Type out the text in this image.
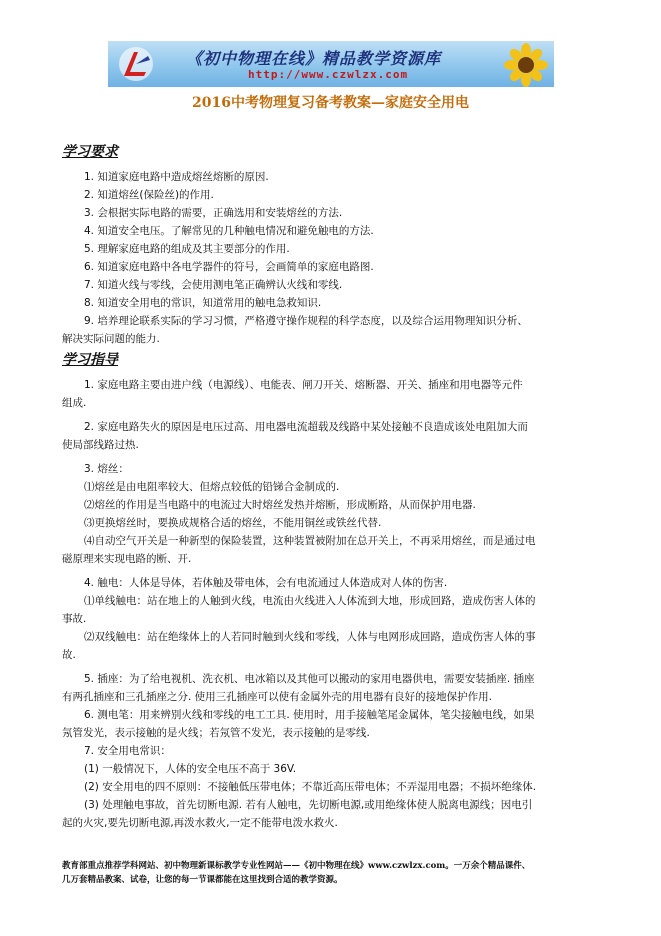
《初中物理在线》精品教学资源库
http://www.czwlzx.com
2016中考物理复习备考教案—家庭安全用电
学习要求
1. 知道家庭电路中造成熔丝熔断的原因.
2. 知道熔丝(保险丝)的作用.
3. 会根据实际电路的需要，正确选用和安装熔丝的方法.
4. 知道安全电压。了解常见的几种触电情况和避免触电的方法.
5. 理解家庭电路的组成及其主要部分的作用.
6. 知道家庭电路中各电学器件的符号，会画简单的家庭电路图.
7. 知道火线与零线，会使用测电笔正确辨认火线和零线.
8. 知道安全用电的常识，知道常用的触电急救知识.
9. 培养理论联系实际的学习习惯，严格遵守操作规程的科学态度，以及综合运用物理知识分析、
解决实际问题的能力.
学习指导
1. 家庭电路主要由进户线（电源线）、电能表、闸刀开关、熔断器、开关、插座和用电器等元件
组成.
2. 家庭电路失火的原因是电压过高、用电器电流超载及线路中某处接触不良造成该处电阻加大而
使局部线路过热.
3. 熔丝：
⑴熔丝是由电阻率较大、但熔点较低的铅锑合金制成的.
⑵熔丝的作用是当电路中的电流过大时熔丝发热并熔断，形成断路，从而保护用电器.
⑶更换熔丝时，要换成规格合适的熔丝，不能用铜丝或铁丝代替.
⑷自动空气开关是一种新型的保险装置，这种装置被附加在总开关上，不再采用熔丝，而是通过电
磁原理来实现电路的断、开.
4. 触电：人体是导体，若体触及带电体，会有电流通过人体造成对人体的伤害.
⑴单线触电：站在地上的人触到火线，电流由火线进入人体流到大地，形成回路，造成伤害人体的
事故.
⑵双线触电：站在绝缘体上的人若同时触到火线和零线，人体与电网形成回路，造成伤害人体的事
故.
5. 插座：为了给电视机、洗衣机、电冰箱以及其他可以搬动的家用电器供电，需要安装插座. 插座
有两孔插座和三孔插座之分. 使用三孔插座可以使有金属外壳的用电器有良好的接地保护作用.
6. 测电笔：用来辨别火线和零线的电工工具. 使用时，用手接触笔尾金属体，笔尖接触电线，如果
氖管发光，表示接触的是火线；若氖管不发光，表示接触的是零线.
7. 安全用电常识：
(1) 一般情况下，人体的安全电压不高于 36V.
(2) 安全用电的四不原则：不接触低压带电体；不靠近高压带电体；不弄湿用电器；不损坏绝缘体.
(3) 处理触电事故，首先切断电源. 若有人触电，先切断电源,或用绝缘体使人脱离电源线；因电引
起的火灾,要先切断电源,再泼水救火,一定不能带电泼水救火.
教育部重点推荐学科网站、初中物理新课标教学专业性网站——《初中物理在线》www.czwlzx.com。一万余个精品课件、
几万套精品教案、试卷，让您的每一节课都能在这里找到合适的教学资源。
